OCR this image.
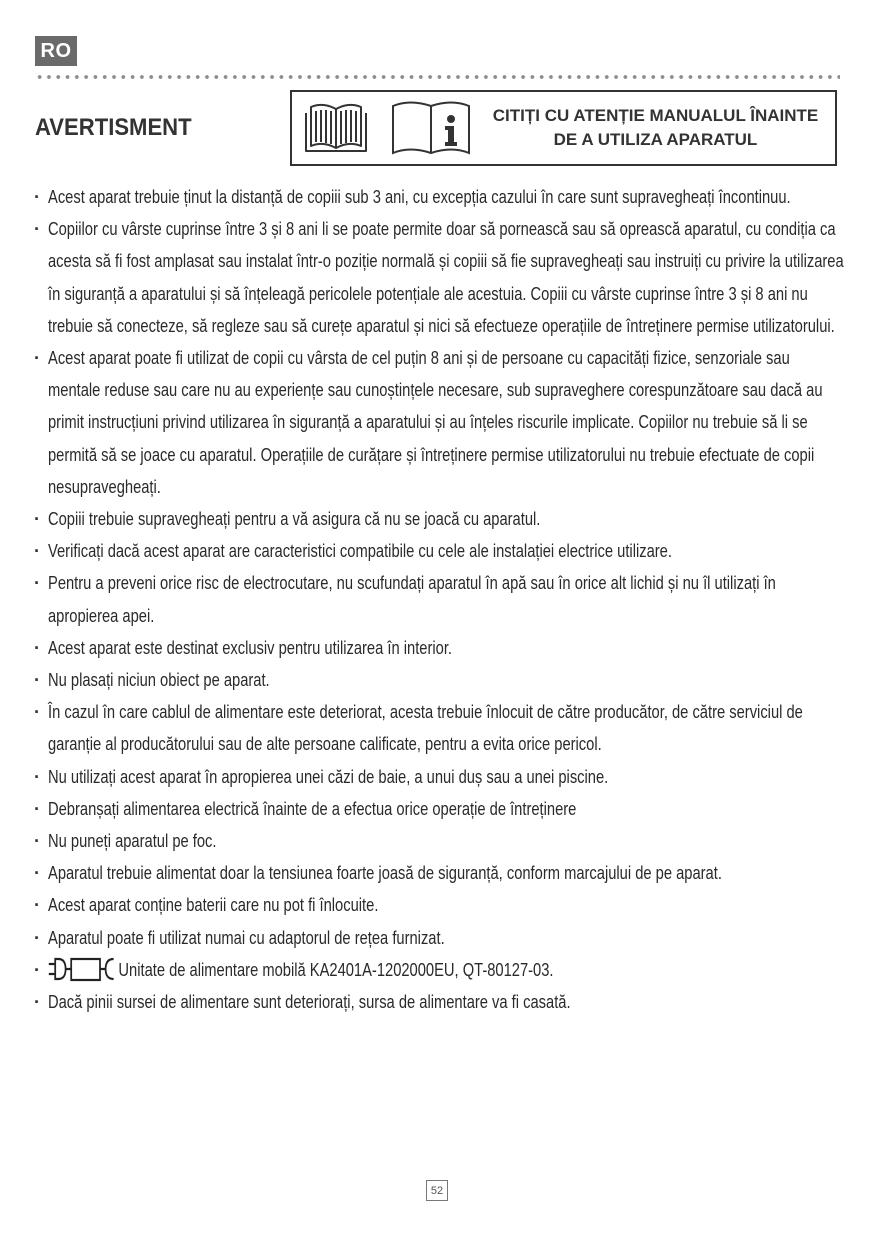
RO
AVERTISMENT	CITIȚI CU ATENȚIE MANUALUL ÎNAINTE
DE A UTILIZA APARATUL
· Acest aparat trebuie ținut la distanță de copiii sub 3 ani, cu excepția cazului în care sunt supravegheați încontinuu.
· Copiilor cu vârste cuprinse între 3 și 8 ani li se poate permite doar să pornească sau să oprească aparatul, cu condiția ca acesta să fi fost amplasat sau instalat într-o poziție normală și copiii să fie supravegheați sau instruiți cu privire la utilizarea în siguranță a aparatului și să înțeleagă pericolele potențiale ale acestuia. Copiii cu vârste cuprinse între 3 și 8 ani nu trebuie să conecteze, să regleze sau să curețe aparatul și nici să efectueze operațiile de întreținere permise utilizatorului.
· Acest aparat poate fi utilizat de copii cu vârsta de cel puțin 8 ani și de persoane cu capacități fizice, senzoriale sau mentale reduse sau care nu au experiențe sau cunoștințele necesare, sub supraveghere corespunzătoare sau dacă au primit instrucțiuni privind utilizarea în siguranță a aparatului și au înțeles riscurile implicate. Copiilor nu trebuie să li se permită să se joace cu aparatul. Operațiile de curățare și întreținere permise utilizatorului nu trebuie efectuate de copii nesupravegheați.
· Copiii trebuie supravegheați pentru a vă asigura că nu se joacă cu aparatul.
· Verificați dacă acest aparat are caracteristici compatibile cu cele ale instalației electrice utilizare.
· Pentru a preveni orice risc de electrocutare, nu scufundați aparatul în apă sau în orice alt lichid și nu îl utilizați în apropierea apei.
· Acest aparat este destinat exclusiv pentru utilizarea în interior.
· Nu plasați niciun obiect pe aparat.
· În cazul în care cablul de alimentare este deteriorat, acesta trebuie înlocuit de către producător, de către serviciul de garanție al producătorului sau de alte persoane calificate, pentru a evita orice pericol.
· Nu utilizați acest aparat în apropierea unei căzi de baie, a unui duș sau a unei piscine.
· Debranșați alimentarea electrică înainte de a efectua orice operație de întreținere
· Nu puneți aparatul pe foc.
· Aparatul trebuie alimentat doar la tensiunea foarte joasă de siguranță, conform marcajului de pe aparat.
· Acest aparat conține baterii care nu pot fi înlocuite.
· Aparatul poate fi utilizat numai cu adaptorul de rețea furnizat.
· Unitate de alimentare mobilă KA2401A-1202000EU, QT-80127-03.
· Dacă pinii sursei de alimentare sunt deteriorați, sursa de alimentare va fi casată.
52
